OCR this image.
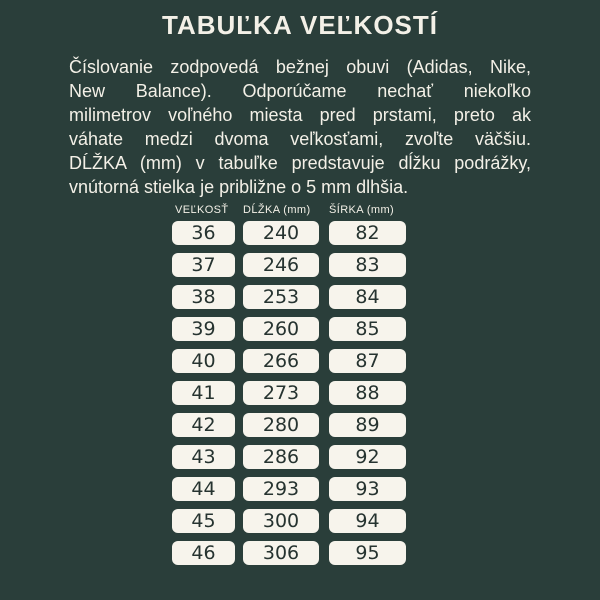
TABUĽKA VEĽKOSTÍ
Číslovanie zodpovedá bežnej obuvi (Adidas, Nike,
New Balance). Odporúčame nechať niekoľko
milimetrov voľného miesta pred prstami, preto ak
váhate medzi dvoma veľkosťami, zvoľte väčšiu.
DĹŽKA (mm) v tabuľke predstavuje dĺžku podrážky,
vnútorná stielka je približne o 5 mm dlhšia.
VEĽKOSŤ DĹŽKA (mm) ŠÍRKA (mm)
36	240	82
37	246	83
38	253	84
39	260	85
40	266	87
41	273	88
42	280	89
43	286	92
44	293	93
45	300	94
46	306	95
